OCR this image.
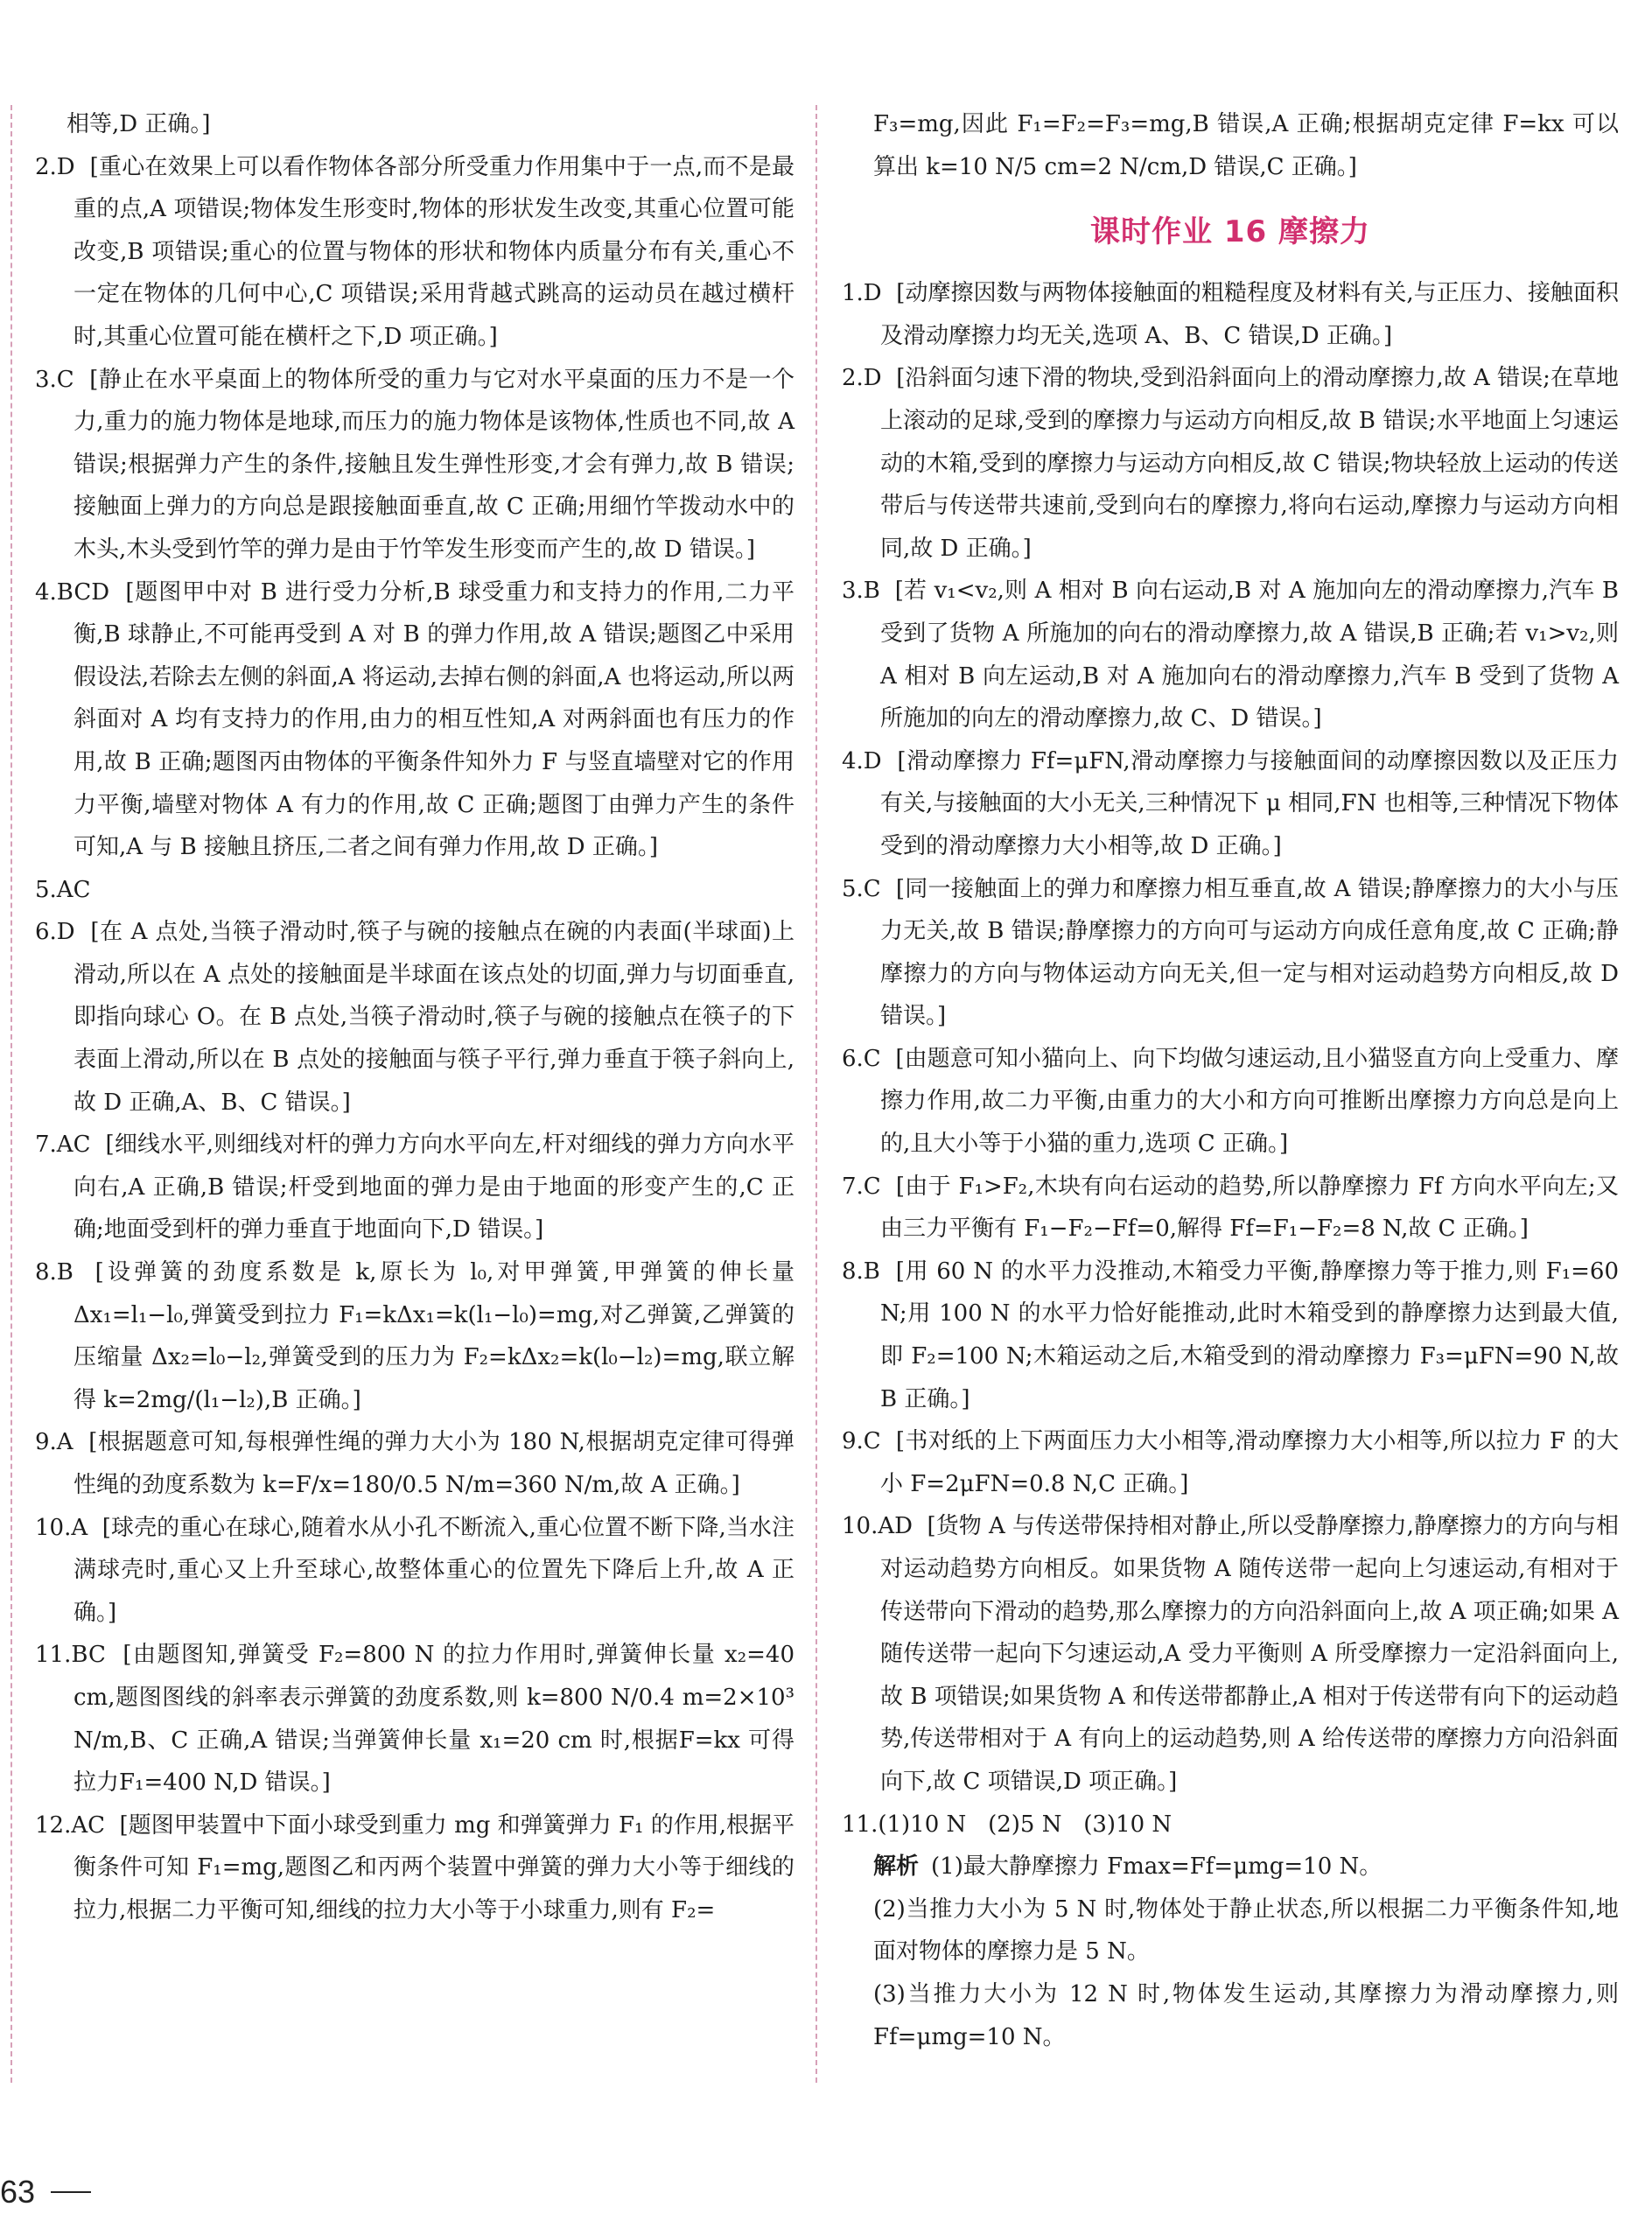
相等,D 正确。]

2.D  [重心在效果上可以看作物体各部分所受重力作用集中于一点,而不是最重的点,A 项错误;物体发生形变时,物体的形状发生改变,其重心位置可能改变,B 项错误;重心的位置与物体的形状和物体内质量分布有关,重心不一定在物体的几何中心,C 项错误;采用背越式跳高的运动员在越过横杆时,其重心位置可能在横杆之下,D 项正确。]

3.C  [静止在水平桌面上的物体所受的重力与它对水平桌面的压力不是一个力,重力的施力物体是地球,而压力的施力物体是该物体,性质也不同,故 A 错误;根据弹力产生的条件,接触且发生弹性形变,才会有弹力,故 B 错误;接触面上弹力的方向总是跟接触面垂直,故 C 正确;用细竹竿拨动水中的木头,木头受到竹竿的弹力是由于竹竿发生形变而产生的,故 D 错误。]

4.BCD  [题图甲中对 B 进行受力分析,B 球受重力和支持力的作用,二力平衡,B 球静止,不可能再受到 A 对 B 的弹力作用,故 A 错误;题图乙中采用假设法,若除去左侧的斜面,A 将运动,去掉右侧的斜面,A 也将运动,所以两斜面对 A 均有支持力的作用,由力的相互性知,A 对两斜面也有压力的作用,故 B 正确;题图丙由物体的平衡条件知外力 F 与竖直墙壁对它的作用力平衡,墙壁对物体 A 有力的作用,故 C 正确;题图丁由弹力产生的条件可知,A 与 B 接触且挤压,二者之间有弹力作用,故 D 正确。]

5.AC

6.D  [在 A 点处,当筷子滑动时,筷子与碗的接触点在碗的内表面(半球面)上滑动,所以在 A 点处的接触面是半球面在该点处的切面,弹力与切面垂直,即指向球心 O。在 B 点处,当筷子滑动时,筷子与碗的接触点在筷子的下表面上滑动,所以在 B 点处的接触面与筷子平行,弹力垂直于筷子斜向上,故 D 正确,A、B、C 错误。]

7.AC  [细线水平,则细线对杆的弹力方向水平向左,杆对细线的弹力方向水平向右,A 正确,B 错误;杆受到地面的弹力是由于地面的形变产生的,C 正确;地面受到杆的弹力垂直于地面向下,D 错误。]

8.B  [设弹簧的劲度系数是 k,原长为 l₀,对甲弹簧,甲弹簧的伸长量 Δx₁=l₁−l₀,弹簧受到拉力 F₁=kΔx₁=k(l₁−l₀)=mg,对乙弹簧,乙弹簧的压缩量 Δx₂=l₀−l₂,弹簧受到的压力为 F₂=kΔx₂=k(l₀−l₂)=mg,联立解得 k=2mg/(l₁−l₂),B 正确。]

9.A  [根据题意可知,每根弹性绳的弹力大小为 180 N,根据胡克定律可得弹性绳的劲度系数为 k=F/x=180/0.5 N/m=360 N/m,故 A 正确。]

10.A  [球壳的重心在球心,随着水从小孔不断流入,重心位置不断下降,当水注满球壳时,重心又上升至球心,故整体重心的位置先下降后上升,故 A 正确。]

11.BC  [由题图知,弹簧受 F₂=800 N 的拉力作用时,弹簧伸长量 x₂=40 cm,题图图线的斜率表示弹簧的劲度系数,则 k=800 N/0.4 m=2×10³ N/m,B、C 正确,A 错误;当弹簧伸长量 x₁=20 cm 时,根据F=kx 可得拉力F₁=400 N,D 错误。]

12.AC  [题图甲装置中下面小球受到重力 mg 和弹簧弹力 F₁ 的作用,根据平衡条件可知 F₁=mg,题图乙和丙两个装置中弹簧的弹力大小等于细线的拉力,根据二力平衡可知,细线的拉力大小等于小球重力,则有 F₂=

F₃=mg,因此 F₁=F₂=F₃=mg,B 错误,A 正确;根据胡克定律 F=kx 可以算出 k=10 N/5 cm=2 N/cm,D 错误,C 正确。]

课时作业 16 摩擦力

1.D  [动摩擦因数与两物体接触面的粗糙程度及材料有关,与正压力、接触面积及滑动摩擦力均无关,选项 A、B、C 错误,D 正确。]

2.D  [沿斜面匀速下滑的物块,受到沿斜面向上的滑动摩擦力,故 A 错误;在草地上滚动的足球,受到的摩擦力与运动方向相反,故 B 错误;水平地面上匀速运动的木箱,受到的摩擦力与运动方向相反,故 C 错误;物块轻放上运动的传送带后与传送带共速前,受到向右的摩擦力,将向右运动,摩擦力与运动方向相同,故 D 正确。]

3.B  [若 v₁<v₂,则 A 相对 B 向右运动,B 对 A 施加向左的滑动摩擦力,汽车 B 受到了货物 A 所施加的向右的滑动摩擦力,故 A 错误,B 正确;若 v₁>v₂,则 A 相对 B 向左运动,B 对 A 施加向右的滑动摩擦力,汽车 B 受到了货物 A 所施加的向左的滑动摩擦力,故 C、D 错误。]

4.D  [滑动摩擦力 Ff=μFN,滑动摩擦力与接触面间的动摩擦因数以及正压力有关,与接触面的大小无关,三种情况下 μ 相同,FN 也相等,三种情况下物体受到的滑动摩擦力大小相等,故 D 正确。]

5.C  [同一接触面上的弹力和摩擦力相互垂直,故 A 错误;静摩擦力的大小与压力无关,故 B 错误;静摩擦力的方向可与运动方向成任意角度,故 C 正确;静摩擦力的方向与物体运动方向无关,但一定与相对运动趋势方向相反,故 D 错误。]

6.C  [由题意可知小猫向上、向下均做匀速运动,且小猫竖直方向上受重力、摩擦力作用,故二力平衡,由重力的大小和方向可推断出摩擦力方向总是向上的,且大小等于小猫的重力,选项 C 正确。]

7.C  [由于 F₁>F₂,木块有向右运动的趋势,所以静摩擦力 Ff 方向水平向左;又由三力平衡有 F₁−F₂−Ff=0,解得 Ff=F₁−F₂=8 N,故 C 正确。]

8.B  [用 60 N 的水平力没推动,木箱受力平衡,静摩擦力等于推力,则 F₁=60 N;用 100 N 的水平力恰好能推动,此时木箱受到的静摩擦力达到最大值,即 F₂=100 N;木箱运动之后,木箱受到的滑动摩擦力 F₃=μFN=90 N,故 B 正确。]

9.C  [书对纸的上下两面压力大小相等,滑动摩擦力大小相等,所以拉力 F 的大小 F=2μFN=0.8 N,C 正确。]

10.AD  [货物 A 与传送带保持相对静止,所以受静摩擦力,静摩擦力的方向与相对运动趋势方向相反。如果货物 A 随传送带一起向上匀速运动,有相对于传送带向下滑动的趋势,那么摩擦力的方向沿斜面向上,故 A 项正确;如果 A 随传送带一起向下匀速运动,A 受力平衡则 A 所受摩擦力一定沿斜面向上,故 B 项错误;如果货物 A 和传送带都静止,A 相对于传送带有向下的运动趋势,传送带相对于 A 有向上的运动趋势,则 A 给传送带的摩擦力方向沿斜面向下,故 C 项错误,D 项正确。]

11.(1)10 N   (2)5 N   (3)10 N

解析 (1)最大静摩擦力 Fmax=Ff=μmg=10 N。

(2)当推力大小为 5 N 时,物体处于静止状态,所以根据二力平衡条件知,地面对物体的摩擦力是 5 N。

(3)当推力大小为 12 N 时,物体发生运动,其摩擦力为滑动摩擦力,则 Ff=μmg=10 N。

63
